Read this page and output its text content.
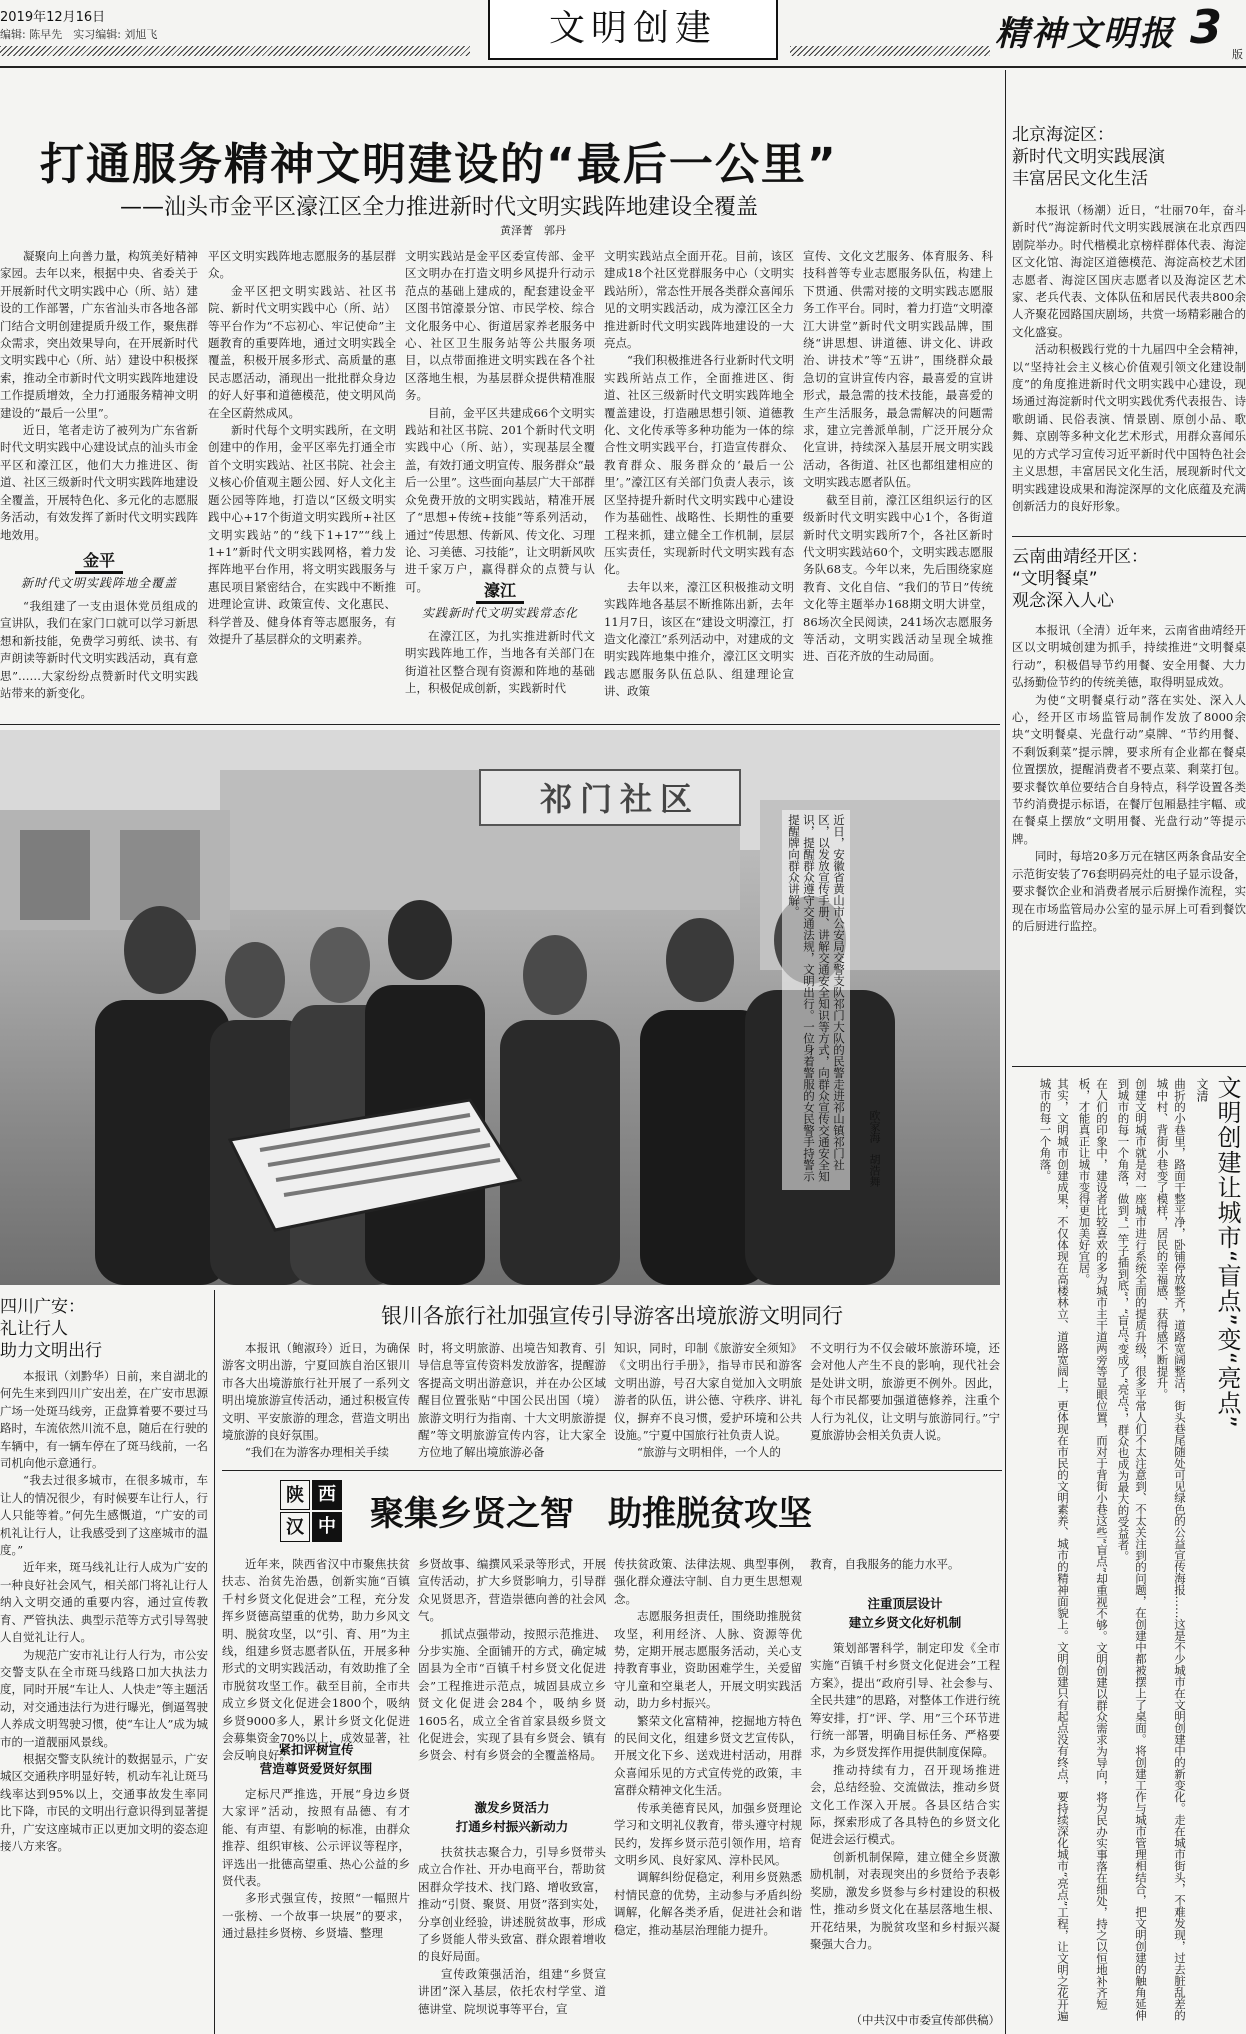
2019年12月16日
编辑: 陈早先　实习编辑: 刘旭飞	文明创建	精神文明报 3
版
打通服务精神文明建设的“最后一公里”
——汕头市金平区濠江区全力推进新时代文明实践阵地建设全覆盖
黄泽菁　郭丹

凝聚向上向善力量，构筑美好精神家园。去年以来，根据中央、省委关于开展新时代文明实践中心（所、站）建设的工作部署，广东省汕头市各地各部门结合文明创建提质升级工作，聚焦群众需求，突出效果导向，在开展新时代文明实践中心（所、站）建设中积极探索，推动全市新时代文明实践阵地建设工作提质增效，全力打通服务精神文明建设的“最后一公里”。

近日，笔者走访了被列为广东省新时代文明实践中心建设试点的汕头市金平区和濠江区，他们大力推进区、街道、社区三级新时代文明实践阵地建设全覆盖，开展特色化、多元化的志愿服务活动，有效发挥了新时代文明实践阵地效用。

金平
新时代文明实践阵地全覆盖

“我组建了一支由退休党员组成的宣讲队，我们在家门口就可以学习新思想和新技能，免费学习剪纸、读书、有声朗读等新时代文明实践活动，真有意思”……大家纷纷点赞新时代文明实践站带来的新变化。

平区文明实践阵地志愿服务的基层群众。

金平区把文明实践站、社区书院、新时代文明实践中心（所、站）等平台作为“不忘初心、牢记使命”主题教育的重要阵地，通过文明实践全覆盖，积极开展多形式、高质量的惠民志愿活动，涌现出一批批群众身边的好人好事和道德模范，使文明风尚在全区蔚然成风。

新时代每个文明实践所，在文明创建中的作用，金平区率先打通全市首个文明实践站、社区书院、社会主义核心价值观主题公园、好人文化主题公园等阵地，打造以“区级文明实践中心+17个街道文明实践所+社区文明实践站”的“线下1+17”“线上1+1”新时代文明实践网格，着力发挥阵地平台作用，将文明实践服务与惠民项目紧密结合，在实践中不断推进理论宣讲、政策宣传、文化惠民、科学普及、健身体育等志愿服务，有效提升了基层群众的文明素养。

文明实践站是金平区委宣传部、金平区文明办在打造文明乡风提升行动示范点的基础上建成的，配套建设金平区图书馆濠景分馆、市民学校、综合文化服务中心、街道居家养老服务中心、社区卫生服务站等公共服务项目，以点带面推进文明实践在各个社区落地生根，为基层群众提供精准服务。

目前，金平区共建成66个文明实践站和社区书院、201个新时代文明实践中心（所、站），实现基层全覆盖，有效打通文明宣传、服务群众“最后一公里”。这些面向基层广大干部群众免费开放的文明实践站，精准开展了“思想+传统+技能”等系列活动，通过“传思想、传新风、传文化、习理论、习美德、习技能”，让文明新风吹进千家万户，赢得群众的点赞与认可。	濠江
实践新时代文明实践常态化

在濠江区，为扎实推进新时代文明实践阵地工作，当地各有关部门在街道社区整合现有资源和阵地的基础上，积极促成创新，实践新时代

文明实践站点全面开花。目前，该区建成18个社区党群服务中心（文明实践站所），常态性开展各类群众喜闻乐见的文明实践活动，成为濠江区全力推进新时代文明实践阵地建设的一大亮点。

“我们积极推进各行业新时代文明实践所站点工作，全面推进区、街道、社区三级新时代文明实践阵地全覆盖建设，打造融思想引领、道德教化、文化传承等多种功能为一体的综合性文明实践平台，打造宣传群众、教育群众、服务群众的‘最后一公里’。”濠江区有关部门负责人表示，该区坚持提升新时代文明实践中心建设作为基础性、战略性、长期性的重要工程来抓，建立健全工作机制，层层压实责任，实现新时代文明实践有态化。

去年以来，濠江区积极推动文明实践阵地各基层不断推陈出新，去年11月7日，该区在“建设文明濠江，打造文化濠江”系列活动中，对建成的文明实践阵地集中推介，濠江区文明实践志愿服务队伍总队、组建理论宣讲、政策

宣传、文化文艺服务、体育服务、科技科普等专业志愿服务队伍，构建上下贯通、供需对接的文明实践志愿服务工作平台。同时，着力打造“文明濠江大讲堂”新时代文明实践品牌，围绕“讲思想、讲道德、讲文化、讲政治、讲技术”等“五讲”，围绕群众最急切的宣讲宣传内容，最喜爱的宣讲形式，最急需的技术技能，最喜爱的生产生活服务，最急需解决的问题需求，建立完善派单制，广泛开展分众化宣讲，持续深入基层开展文明实践活动，各街道、社区也都组建相应的文明实践志愿者队伍。

截至目前，濠江区组织运行的区级新时代文明实践中心1个，各街道新时代文明实践所7个，各社区新时代文明实践站60个，文明实践志愿服务队68支。今年以来，先后围绕家庭教育、文化自信、“我们的节日”传统文化等主题举办168期文明大讲堂，86场次全民阅读，241场次志愿服务等活动，文明实践活动呈现全城推进、百花齐放的生动局面。

祁门社区
近日，安徽省黄山市公安局交警支队祁门大队的民警走进祁山镇祁门社区，以发放宣传手册、讲解交通安全知识等方式，向群众宣传交通安全知识，提醒群众遵守交通法规，文明出行。一位身着警服的女民警手持警示提醒牌向群众讲解。
欧家海　胡浩舞
北京海淀区：
新时代文明实践展演
丰富居民文化生活

本报讯（杨潮）近日，“壮丽70年，奋斗新时代”海淀新时代文明实践展演在北京西四剧院举办。时代楷模北京榜样群体代表、海淀区文化馆、海淀区道德模范、海淀高校艺术团志愿者、海淀区国庆志愿者以及海淀区艺术家、老兵代表、文体队伍和居民代表共800余人齐聚花园路国庆剧场，共赏一场精彩融合的文化盛宴。

活动积极践行党的十九届四中全会精神，以“坚持社会主义核心价值观引领文化建设制度”的角度推进新时代文明实践中心建设，现场通过海淀新时代文明实践优秀代表报告、诗歌朗诵、民俗表演、情景剧、原创小品、歌舞、京剧等多种文化艺术形式，用群众喜闻乐见的方式学习宣传习近平新时代中国特色社会主义思想，丰富居民文化生活，展现新时代文明实践建设成果和海淀深厚的文化底蕴及充满创新活力的良好形象。

云南曲靖经开区：
“文明餐桌”
观念深入人心

本报讯（全清）近年来，云南省曲靖经开区以文明城创建为抓手，持续推进“文明餐桌行动”，积极倡导节约用餐、安全用餐、大力弘扬勤俭节约的传统美德，取得明显成效。

为使“文明餐桌行动”落在实处、深入人心，经开区市场监管局制作发放了8000余块“文明餐桌、光盘行动”桌牌、“节约用餐、不剩饭剩菜”提示牌，要求所有企业都在餐桌位置摆放，提醒消费者不要点菜、剩菜打包。要求餐饮单位要结合自身特点，科学设置各类节约消费提示标语，在餐厅包厢悬挂宇幅、或在餐桌上摆放“文明用餐、光盘行动”等提示牌。

同时，每培20多万元在辖区两条食品安全示范街安装了76套明码亮灶的电子显示设备，要求餐饮企业和消费者展示后厨操作流程，实现在市场监管局办公室的显示屏上可看到餐饮的后厨进行监控。

文明创建让城市“盲点”变“亮点”
文清

曲折的小巷里，路面干整平净，卧铺停放整齐，道路宽阔整洁，街头巷尾随处可见绿色的公益宣传海报……这是不少城市在文明创建中的新变化。走在城市街头，不难发现，过去脏乱差的城中村、背街小巷变了模样，居民的幸福感、获得感不断提升。

创建文明城市就是对一座城市进行系统全面的提质升级，很多平常人们不太注意到、不太关注到的问题，在创建中都被摆上了桌面。将创建工作与城市管理相结合，把文明创建的触角延伸到城市的每一个角落，做到“一竿子插到底”，“盲点”变成了“亮点”，群众也成为最大的受益者。

在人们的印象中，建设者比较喜欢的多为城市主干道两旁等显眼位置，而对于背街小巷这些“盲点”却重视不够。文明创建以群众需求为导向，将为民办实事落在细处，持之以恒地补齐短板，才能真正让城市变得更加美好宜居。

其实，文明城市创建成果，不仅体现在高楼林立、道路宽阔上，更体现在市民的文明素养、城市的精神面貌上。文明创建只有起点没有终点，要持续深化城市“亮点”工程，让文明之花开遍城市的每一个角落。

四川广安：
礼让行人
助力文明出行

本报讯（刘黔华）日前，来自湖北的何先生来到四川广安出差，在广安市思源广场一处斑马线旁，正盘算着要不要过马路时，车流依然川流不息，随后在行驶的车辆中，有一辆车停在了斑马线前，一名司机向他示意通行。

“我去过很多城市，在很多城市，车让人的情况很少，有时候要车让行人，行人只能等着。”何先生感慨道，“广安的司机礼让行人，让我感受到了这座城市的温度。”

近年来，斑马线礼让行人成为广安的一种良好社会风气，相关部门将礼让行人纳入文明交通的重要内容，通过宣传教育、严管执法、典型示范等方式引导驾驶人自觉礼让行人。

为规范广安市礼让行人行为，市公安交警支队在全市斑马线路口加大执法力度，同时开展“车让人、人快走”等主题活动，对交通违法行为进行曝光，倒逼驾驶人养成文明驾驶习惯，使“车让人”成为城市的一道靓丽风景线。

根据交警支队统计的数据显示，广安城区交通秩序明显好转，机动车礼让斑马线率达到95%以上，交通事故发生率同比下降，市民的文明出行意识得到显著提升，广安这座城市正以更加文明的姿态迎接八方来客。

银川各旅行社加强宣传引导游客出境旅游文明同行

本报讯（鲍淑玲）近日，为确保游客文明出游，宁夏回族自治区银川市各大出境游旅行社开展了一系列文明出境旅游宣传活动，通过积极宣传文明、平安旅游的理念，营造文明出境旅游的良好氛围。

“我们在为游客办理相关手续

时，将文明旅游、出境告知教育、引导信息等宣传资料发放游客，提醒游客提高文明出游意识，并在办公区域醒目位置张贴“中国公民出国（境）旅游文明行为指南、十大文明旅游提醒”等文明旅游宣传内容，让大家全方位地了解出境旅游必备

知识，同时，印制《旅游安全须知》《文明出行手册》，指导市民和游客文明出游，号召大家自觉加入文明旅游者的队伍，讲公德、守秩序、讲礼仪，摒弃不良习惯，爱护环境和公共设施。”宁夏中国旅行社负责人说。

“旅游与文明相伴，一个人的

不文明行为不仅会破坏旅游环境，还会对他人产生不良的影响，现代社会是处讲文明，旅游更不例外。因此，每个市民都要加强道德修养，注重个人行为礼仪，让文明与旅游同行。”宁夏旅游协会相关负责人说。

陕 西
汉 中 聚集乡贤之智　助推脱贫攻坚

近年来，陕西省汉中市聚焦扶贫扶志、治贫先治愚，创新实施“百镇千村乡贤文化促进会”工程，充分发挥乡贤德高望重的优势，助力乡风文明、脱贫攻坚，以“引、育、用”为主线，组建乡贤志愿者队伍，开展多种形式的文明实践活动，有效助推了全市脱贫攻坚工作。截至目前，全市共成立乡贤文化促进会1800个，吸纳乡贤9000多人，累计乡贤文化促进会募集资金70%以上，成效显著，社会反响良好。

紧扣评树宣传
营造尊贤爱贤好氛围

定标尺严推选，开展“身边乡贤大家评”活动，按照有品德、有才能、有声望、有影响的标准，由群众推荐、组织审核、公示评议等程序，评选出一批德高望重、热心公益的乡贤代表。

多形式强宣传，按照“一幅照片一张榜、一个故事一块展”的要求，通过悬挂乡贤榜、乡贤墙、整理

乡贤故事、编撰风采录等形式，开展宣传活动，扩大乡贤影响力，引导群众见贤思齐，营造崇德向善的社会风气。

抓试点强带动，按照示范推进、分步实施、全面铺开的方式，确定城固县为全市“百镇千村乡贤文化促进会”工程推进示范点，城固县成立乡贤文化促进会284个，吸纳乡贤1605名，成立全省首家县级乡贤文化促进会，实现了县有乡贤会、镇有乡贤会、村有乡贤会的全覆盖格局。

激发乡贤活力
打通乡村振兴新动力

扶贫扶志聚合力，引导乡贤带头成立合作社、开办电商平台，帮助贫困群众学技术、找门路、增收致富，推动“引贤、聚贤、用贤”落到实处，分享创业经验，讲述脱贫故事，形成了乡贤能人带头致富、群众跟着增收的良好局面。

宣传政策强活治，组建“乡贤宣讲团”深入基层，依托农村学堂、道德讲堂、院坝说事等平台，宣

传扶贫政策、法律法规、典型事例，强化群众遵法守制、自力更生思想观念。

志愿服务担责任，围绕助推脱贫攻坚，利用经济、人脉、资源等优势，定期开展志愿服务活动，关心支持教育事业，资助困难学生，关爱留守儿童和空巢老人，开展文明实践活动，助力乡村振兴。

繁荣文化富精神，挖掘地方特色的民间文化，组建乡贤文艺宣传队，开展文化下乡、送戏进村活动，用群众喜闻乐见的方式宣传党的政策，丰富群众精神文化生活。

传承美德育民风，加强乡贤理论学习和文明礼仪教育，带头遵守村规民约，发挥乡贤示范引领作用，培育文明乡风、良好家风、淳朴民风。

调解纠纷促稳定，利用乡贤熟悉村情民意的优势，主动参与矛盾纠纷调解，化解各类矛盾，促进社会和谐稳定，推动基层治理能力提升。

教育，自我服务的能力水平。

注重顶层设计
建立乡贤文化好机制

策划部署科学，制定印发《全市实施“百镇千村乡贤文化促进会”工程方案》，提出“政府引导、社会参与、全民共建”的思路，对整体工作进行统筹安排，打“评、学、用”三个环节进行统一部署，明确目标任务、严格要求，为乡贤发挥作用提供制度保障。

推动持续有力，召开现场推进会，总结经验、交流做法，推动乡贤文化工作深入开展。各县区结合实际，探索形成了各具特色的乡贤文化促进会运行模式。

创新机制保障，建立健全乡贤激励机制，对表现突出的乡贤给予表彰奖励，激发乡贤参与乡村建设的积极性，推动乡贤文化在基层落地生根、开花结果，为脱贫攻坚和乡村振兴凝聚强大合力。

（中共汉中市委宣传部供稿）
